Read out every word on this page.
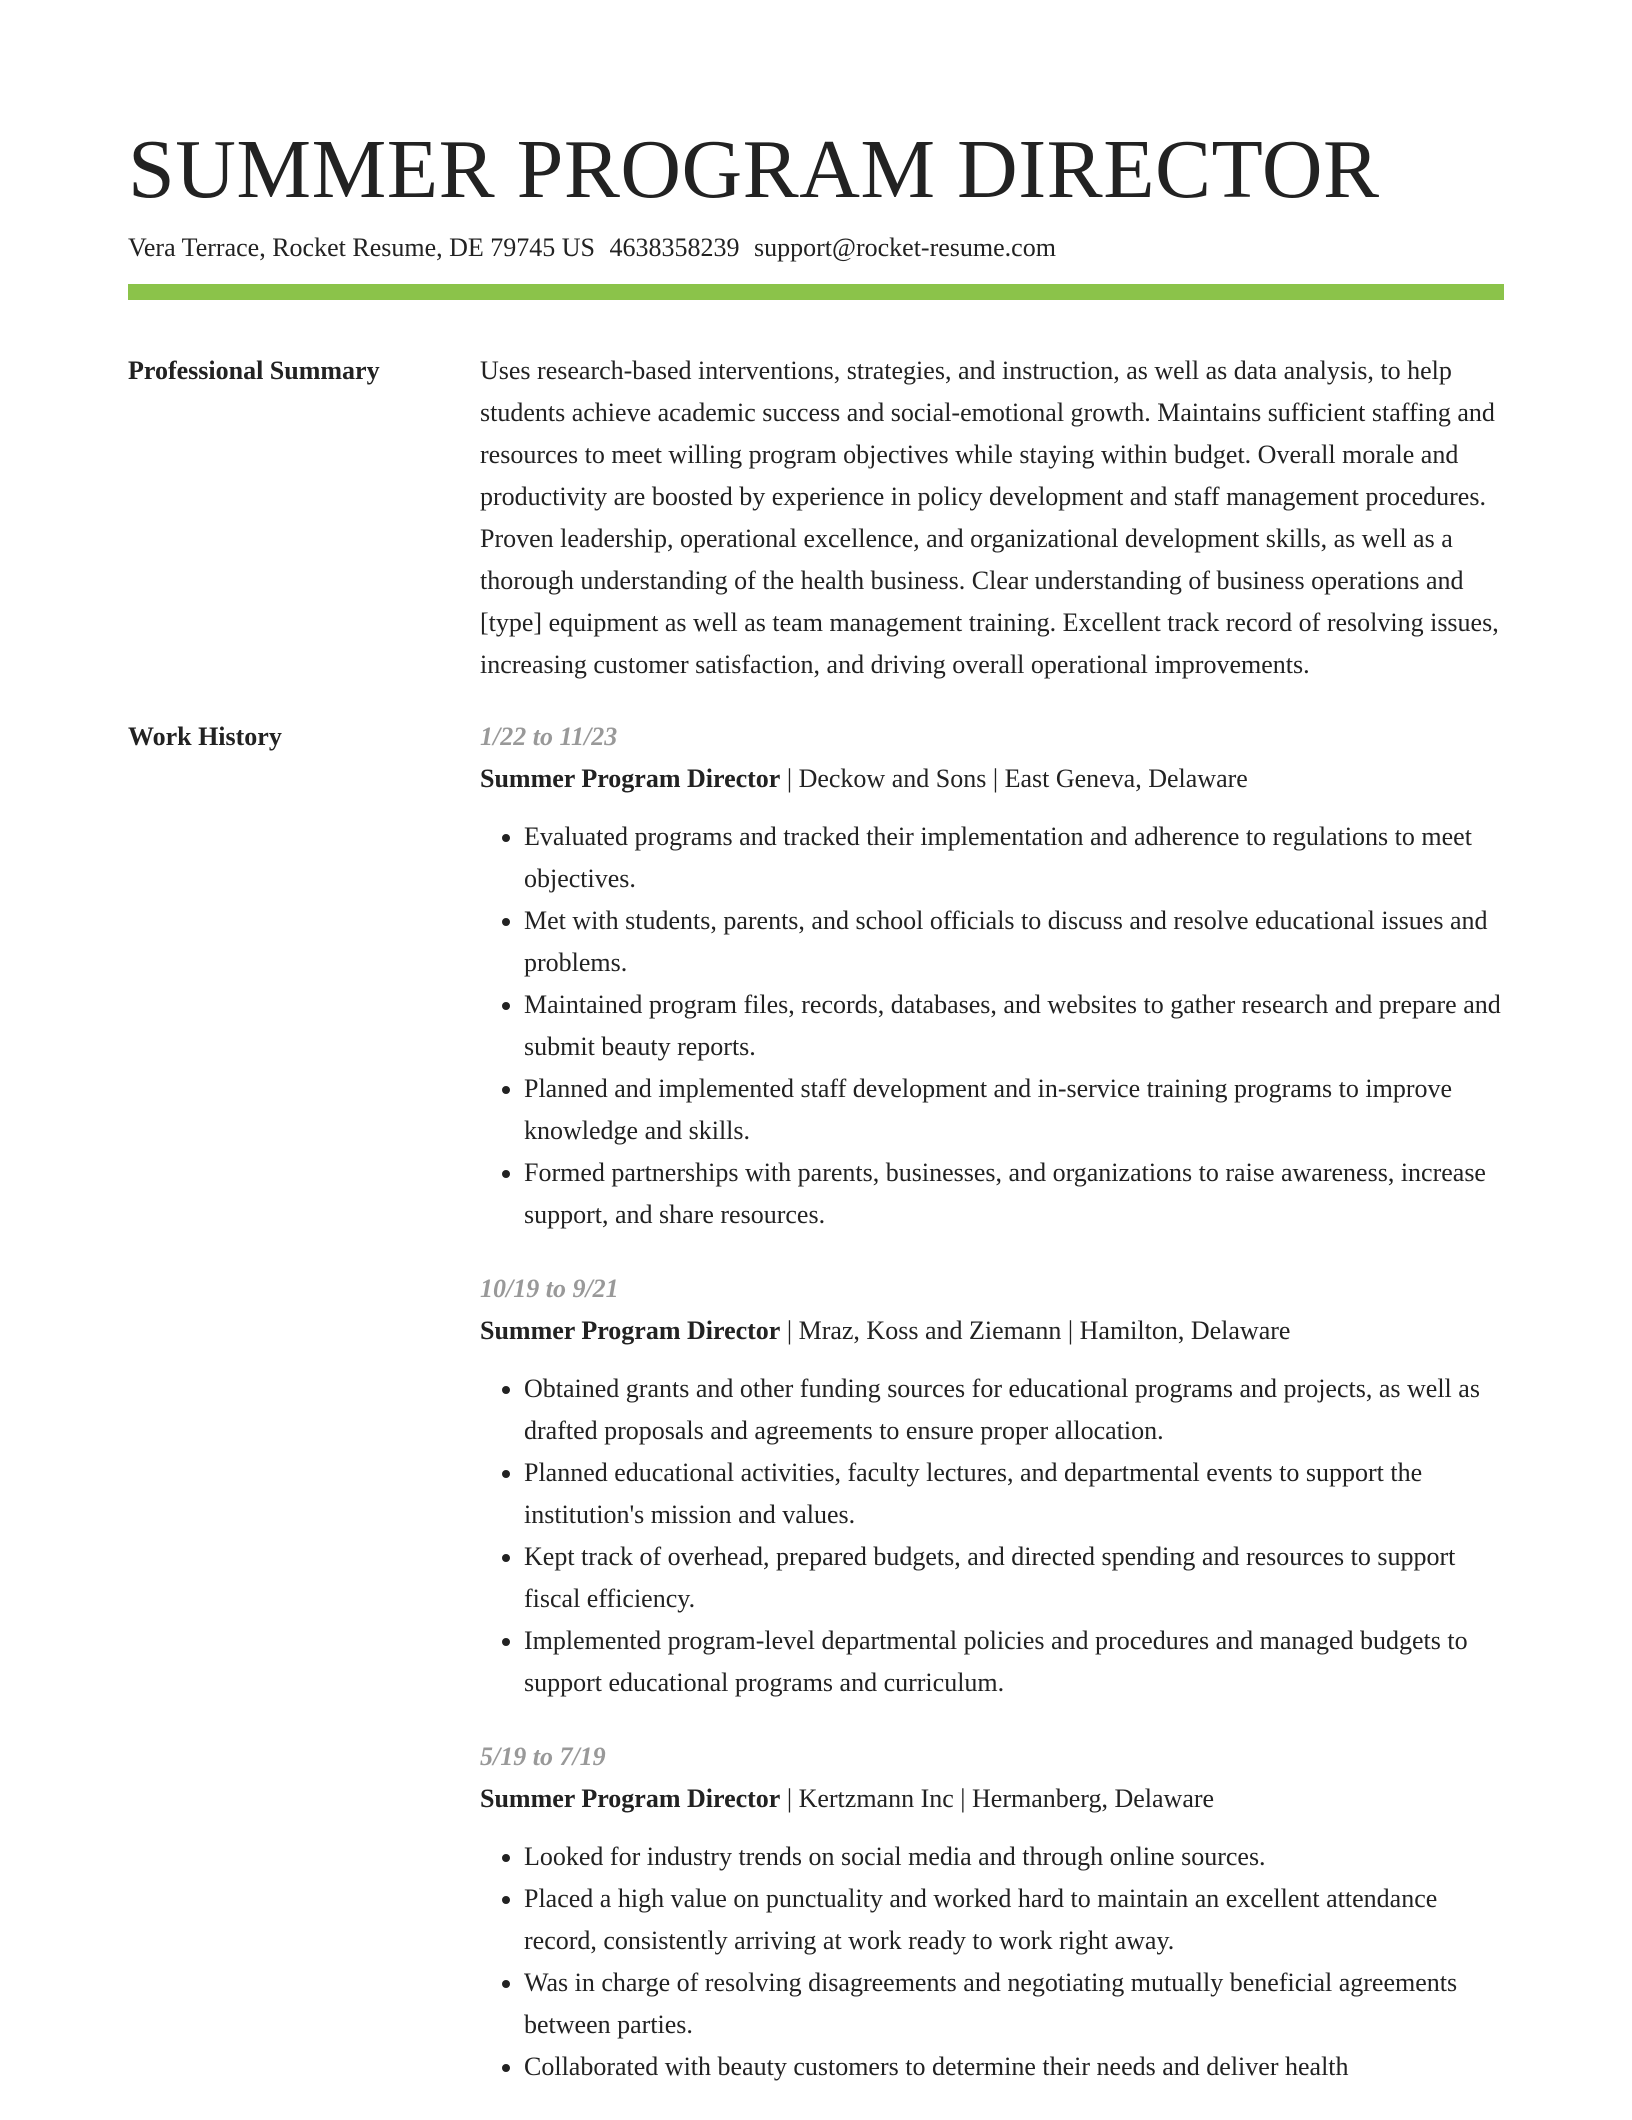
SUMMER PROGRAM DIRECTOR
Vera Terrace, Rocket Resume, DE 79745 US 4638358239 support@rocket-resume.com
Professional Summary	Uses research-based interventions, strategies, and instruction, as well as data analysis, to help students achieve academic success and social-emotional growth. Maintains sufficient staffing and resources to meet willing program objectives while staying within budget. Overall morale and productivity are boosted by experience in policy development and staff management procedures. Proven leadership, operational excellence, and organizational development skills, as well as a thorough understanding of the health business. Clear understanding of business operations and [type] equipment as well as team management training. Excellent track record of resolving issues, increasing customer satisfaction, and driving overall operational improvements.
Work History	1/22 to 11/23
Summer Program Director | Deckow and Sons | East Geneva, Delaware
• Evaluated programs and tracked their implementation and adherence to regulations to meet objectives.
• Met with students, parents, and school officials to discuss and resolve educational issues and problems.
• Maintained program files, records, databases, and websites to gather research and prepare and submit beauty reports.
• Planned and implemented staff development and in-service training programs to improve knowledge and skills.
• Formed partnerships with parents, businesses, and organizations to raise awareness, increase support, and share resources.
10/19 to 9/21
Summer Program Director | Mraz, Koss and Ziemann | Hamilton, Delaware
• Obtained grants and other funding sources for educational programs and projects, as well as drafted proposals and agreements to ensure proper allocation.
• Planned educational activities, faculty lectures, and departmental events to support the institution's mission and values.
• Kept track of overhead, prepared budgets, and directed spending and resources to support fiscal efficiency.
• Implemented program-level departmental policies and procedures and managed budgets to support educational programs and curriculum.
5/19 to 7/19
Summer Program Director | Kertzmann Inc | Hermanberg, Delaware
• Looked for industry trends on social media and through online sources.
• Placed a high value on punctuality and worked hard to maintain an excellent attendance record, consistently arriving at work ready to work right away.
• Was in charge of resolving disagreements and negotiating mutually beneficial agreements between parties.
• Collaborated with beauty customers to determine their needs and deliver health
